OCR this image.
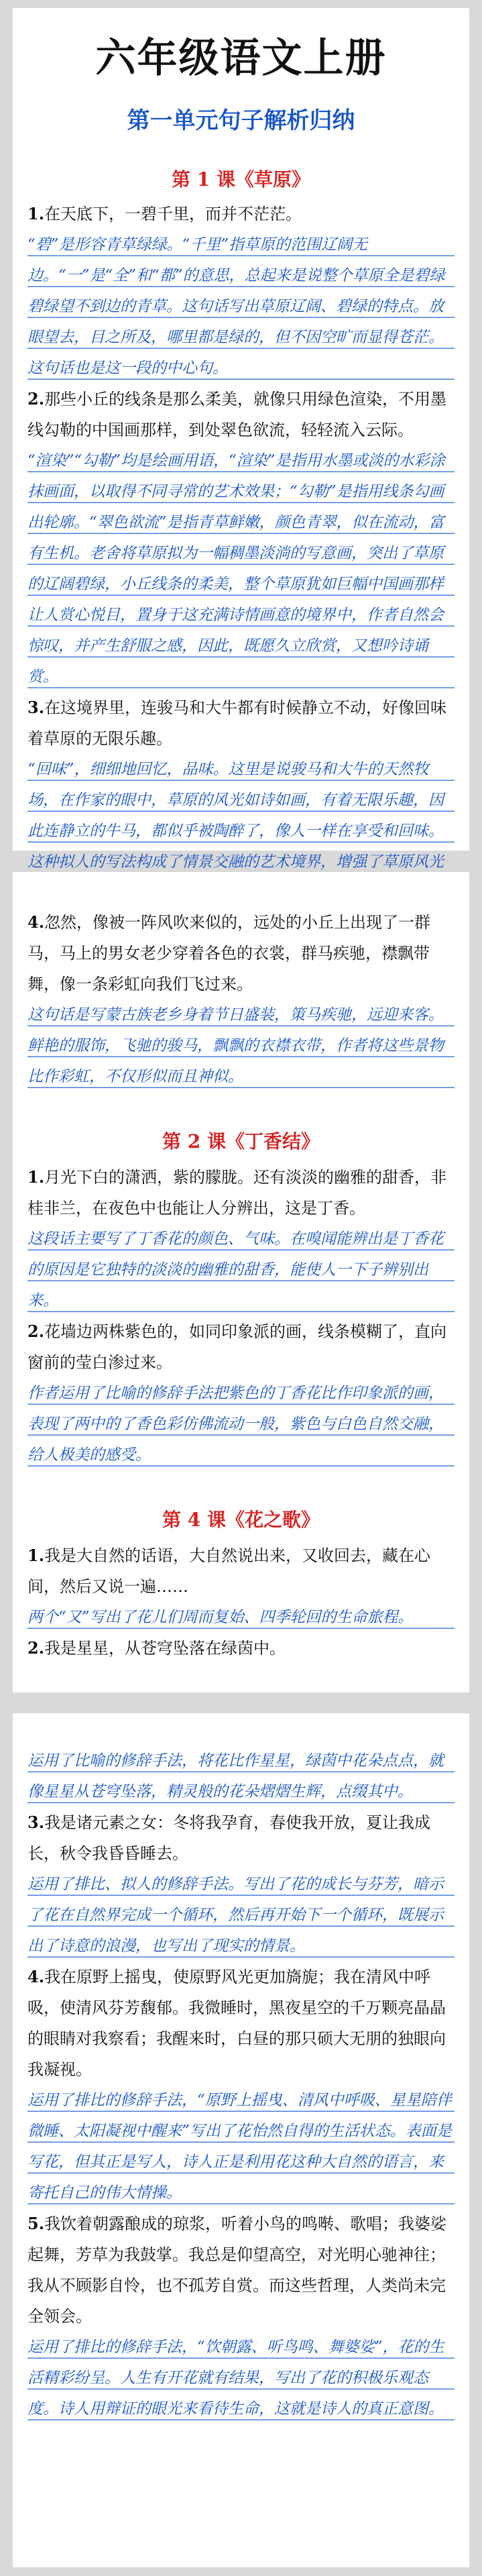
六年级语文上册
第一单元句子解析归纳
第 1 课《草原》

1.在天底下，一碧千里，而并不茫茫。

“碧”是形容青草绿绿。“千里”指草原的范围辽阔无边。“一”是“全”和“都”的意思，总起来是说整个草原全是碧绿碧绿望不到边的青草。这句话写出草原辽阔、碧绿的特点。放眼望去，目之所及，哪里都是绿的，但不因空旷而显得苍茫。这句话也是这一段的中心句。

2.那些小丘的线条是那么柔美，就像只用绿色渲染，不用墨线勾勒的中国画那样，到处翠色欲流，轻轻流入云际。

“渲染”“勾勒”均是绘画用语，“渲染”是指用水墨或淡的水彩涂抹画面，以取得不同寻常的艺术效果；“勾勒”是指用线条勾画出轮廓。“翠色欲流”是指青草鲜嫩，颜色青翠，似在流动，富有生机。老舍将草原拟为一幅稠墨淡淌的写意画，突出了草原的辽阔碧绿，小丘线条的柔美，整个草原犹如巨幅中国画那样让人赏心悦目，置身于这充满诗情画意的境界中，作者自然会惊叹，并产生舒服之感，因此，既愿久立欣赏，又想吟诗诵赏。

3.在这境界里，连骏马和大牛都有时候静立不动，好像回味着草原的无限乐趣。

“回味”，细细地回忆，品味。这里是说骏马和大牛的天然牧场，在作家的眼中，草原的风光如诗如画，有着无限乐趣，因此连静立的牛马，都似乎被陶醉了，像人一样在享受和回味。这种拟人的写法构成了情景交融的艺术境界，增强了草原风光

4.忽然，像被一阵风吹来似的，远处的小丘上出现了一群马，马上的男女老少穿着各色的衣裳，群马疾驰，襟飘带舞，像一条彩虹向我们飞过来。

这句话是写蒙古族老乡身着节日盛装，策马疾驰，远迎来客。鲜艳的服饰，飞驰的骏马，飘飘的衣襟衣带，作者将这些景物比作彩虹，不仅形似而且神似。

第 2 课《丁香结》

1.月光下白的潇洒，紫的朦胧。还有淡淡的幽雅的甜香，非桂非兰，在夜色中也能让人分辨出，这是丁香。

这段话主要写了丁香花的颜色、气味。在嗅闻能辨出是丁香花的原因是它独特的淡淡的幽雅的甜香，能使人一下子辨别出来。

2.花墙边两株紫色的，如同印象派的画，线条模糊了，直向窗前的莹白渗过来。

作者运用了比喻的修辞手法把紫色的丁香花比作印象派的画，表现了两中的了香色彩仿佛流动一般，紫色与白色自然交融，给人极美的感受。

第 4 课《花之歌》

1.我是大自然的话语，大自然说出来，又收回去，藏在心间，然后又说一遍……

两个“又”写出了花儿们周而复始、四季轮回的生命旅程。

2.我是星星，从苍穹坠落在绿茵中。

运用了比喻的修辞手法，将花比作星星，绿茵中花朵点点，就像星星从苍穹坠落，精灵般的花朵熠熠生辉，点缀其中。

3.我是诸元素之女：冬将我孕育，春使我开放，夏让我成长，秋令我昏昏睡去。

运用了排比、拟人的修辞手法。写出了花的成长与芬芳，暗示了花在自然界完成一个循环，然后再开始下一个循环，既展示出了诗意的浪漫，也写出了现实的情景。

4.我在原野上摇曳，使原野风光更加旖旎；我在清风中呼吸，使清风芬芳馥郁。我微睡时，黑夜星空的千万颗亮晶晶的眼睛对我察看；我醒来时，白昼的那只硕大无朋的独眼向我凝视。

运用了排比的修辞手法，“原野上摇曳、清风中呼吸、星星陪伴微睡、太阳凝视中醒来”写出了花怡然自得的生活状态。表面是写花，但其正是写人，诗人正是利用花这种大自然的语言，来寄托自己的伟大情操。

5.我饮着朝露酿成的琼浆，听着小鸟的鸣啭、歌唱；我婆娑起舞，芳草为我鼓掌。我总是仰望高空，对光明心驰神往；我从不顾影自怜，也不孤芳自赏。而这些哲理，人类尚未完全领会。

运用了排比的修辞手法，“饮朝露、听鸟鸣、舞婆娑”，花的生活精彩纷呈。人生有开花就有结果，写出了花的积极乐观态度。诗人用辩证的眼光来看待生命，这就是诗人的真正意图。
